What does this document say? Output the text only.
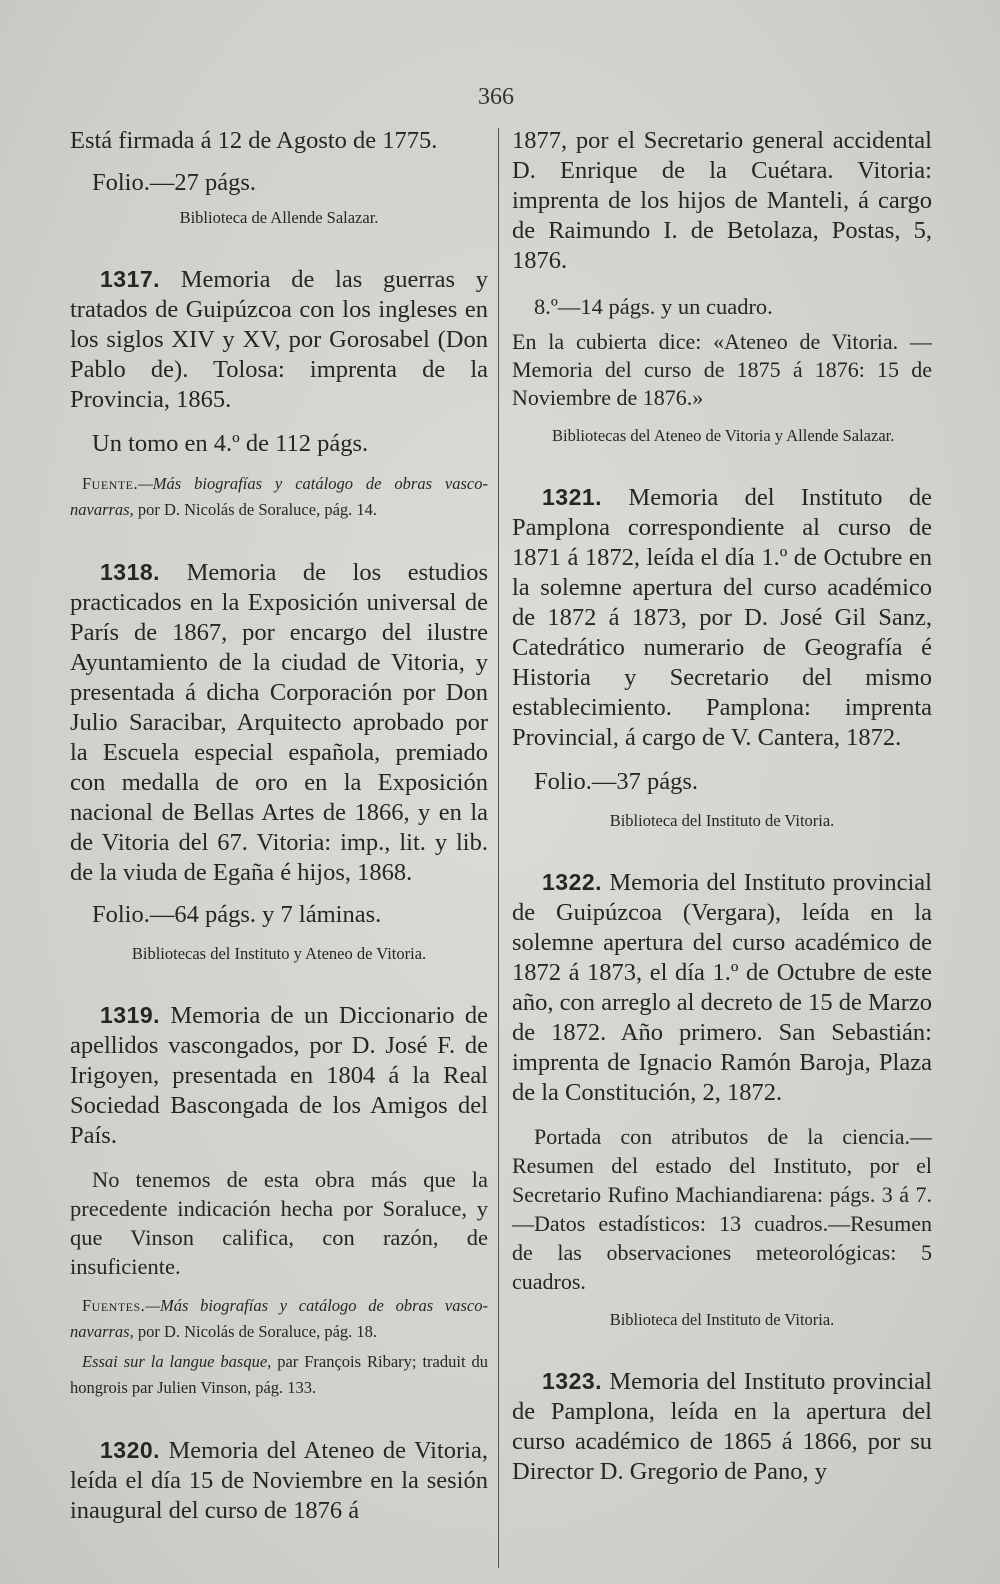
366

Está firmada á 12 de Agosto de 1775.

Folio.—27 págs.

Biblioteca de Allende Salazar.

1317. Memoria de las guerras y tratados de Guipúzcoa con los ingleses en los siglos XIV y XV, por Gorosabel (Don Pablo de). Tolosa: imprenta de la Provincia, 1865.

Un tomo en 4.º de 112 págs.

Fuente.—Más biografías y catálogo de obras vasco-navarras, por D. Nicolás de Soraluce, pág. 14.

1318. Memoria de los estudios practicados en la Exposición universal de París de 1867, por encargo del ilustre Ayuntamiento de la ciudad de Vitoria, y presentada á dicha Corporación por Don Julio Saracibar, Arquitecto aprobado por la Escuela especial española, premiado con medalla de oro en la Exposición nacional de Bellas Artes de 1866, y en la de Vitoria del 67. Vitoria: imp., lit. y lib. de la viuda de Egaña é hijos, 1868.

Folio.—64 págs. y 7 láminas.

Bibliotecas del Instituto y Ateneo de Vitoria.

1319. Memoria de un Diccionario de apellidos vascongados, por D. José F. de Irigoyen, presentada en 1804 á la Real Sociedad Bascongada de los Amigos del País.

No tenemos de esta obra más que la precedente indicación hecha por Soraluce, y que Vinson califica, con razón, de insuficiente.

Fuentes.—Más biografías y catálogo de obras vasco-navarras, por D. Nicolás de Soraluce, pág. 18.

Essai sur la langue basque, par François Ribary; traduit du hongrois par Julien Vinson, pág. 133.

1320. Memoria del Ateneo de Vitoria, leída el día 15 de Noviembre en la sesión inaugural del curso de 1876 á

1877, por el Secretario general accidental D. Enrique de la Cuétara. Vitoria: imprenta de los hijos de Manteli, á cargo de Raimundo I. de Betolaza, Postas, 5, 1876.

8.º—14 págs. y un cuadro.

En la cubierta dice: «Ateneo de Vitoria. —Memoria del curso de 1875 á 1876: 15 de Noviembre de 1876.»

Bibliotecas del Ateneo de Vitoria y Allende Salazar.

1321. Memoria del Instituto de Pamplona correspondiente al curso de 1871 á 1872, leída el día 1.º de Octubre en la solemne apertura del curso académico de 1872 á 1873, por D. José Gil Sanz, Catedrático numerario de Geografía é Historia y Secretario del mismo establecimiento. Pamplona: imprenta Provincial, á cargo de V. Cantera, 1872.

Folio.—37 págs.

Biblioteca del Instituto de Vitoria.

1322. Memoria del Instituto provincial de Guipúzcoa (Vergara), leída en la solemne apertura del curso académico de 1872 á 1873, el día 1.º de Octubre de este año, con arreglo al decreto de 15 de Marzo de 1872. Año primero. San Sebastián: imprenta de Ignacio Ramón Baroja, Plaza de la Constitución, 2, 1872.

Portada con atributos de la ciencia.—Resumen del estado del Instituto, por el Secretario Rufino Machiandiarena: págs. 3 á 7.—Datos estadísticos: 13 cuadros.—Resumen de las observaciones meteorológicas: 5 cuadros.

Biblioteca del Instituto de Vitoria.

1323. Memoria del Instituto provincial de Pamplona, leída en la apertura del curso académico de 1865 á 1866, por su Director D. Gregorio de Pano, y
